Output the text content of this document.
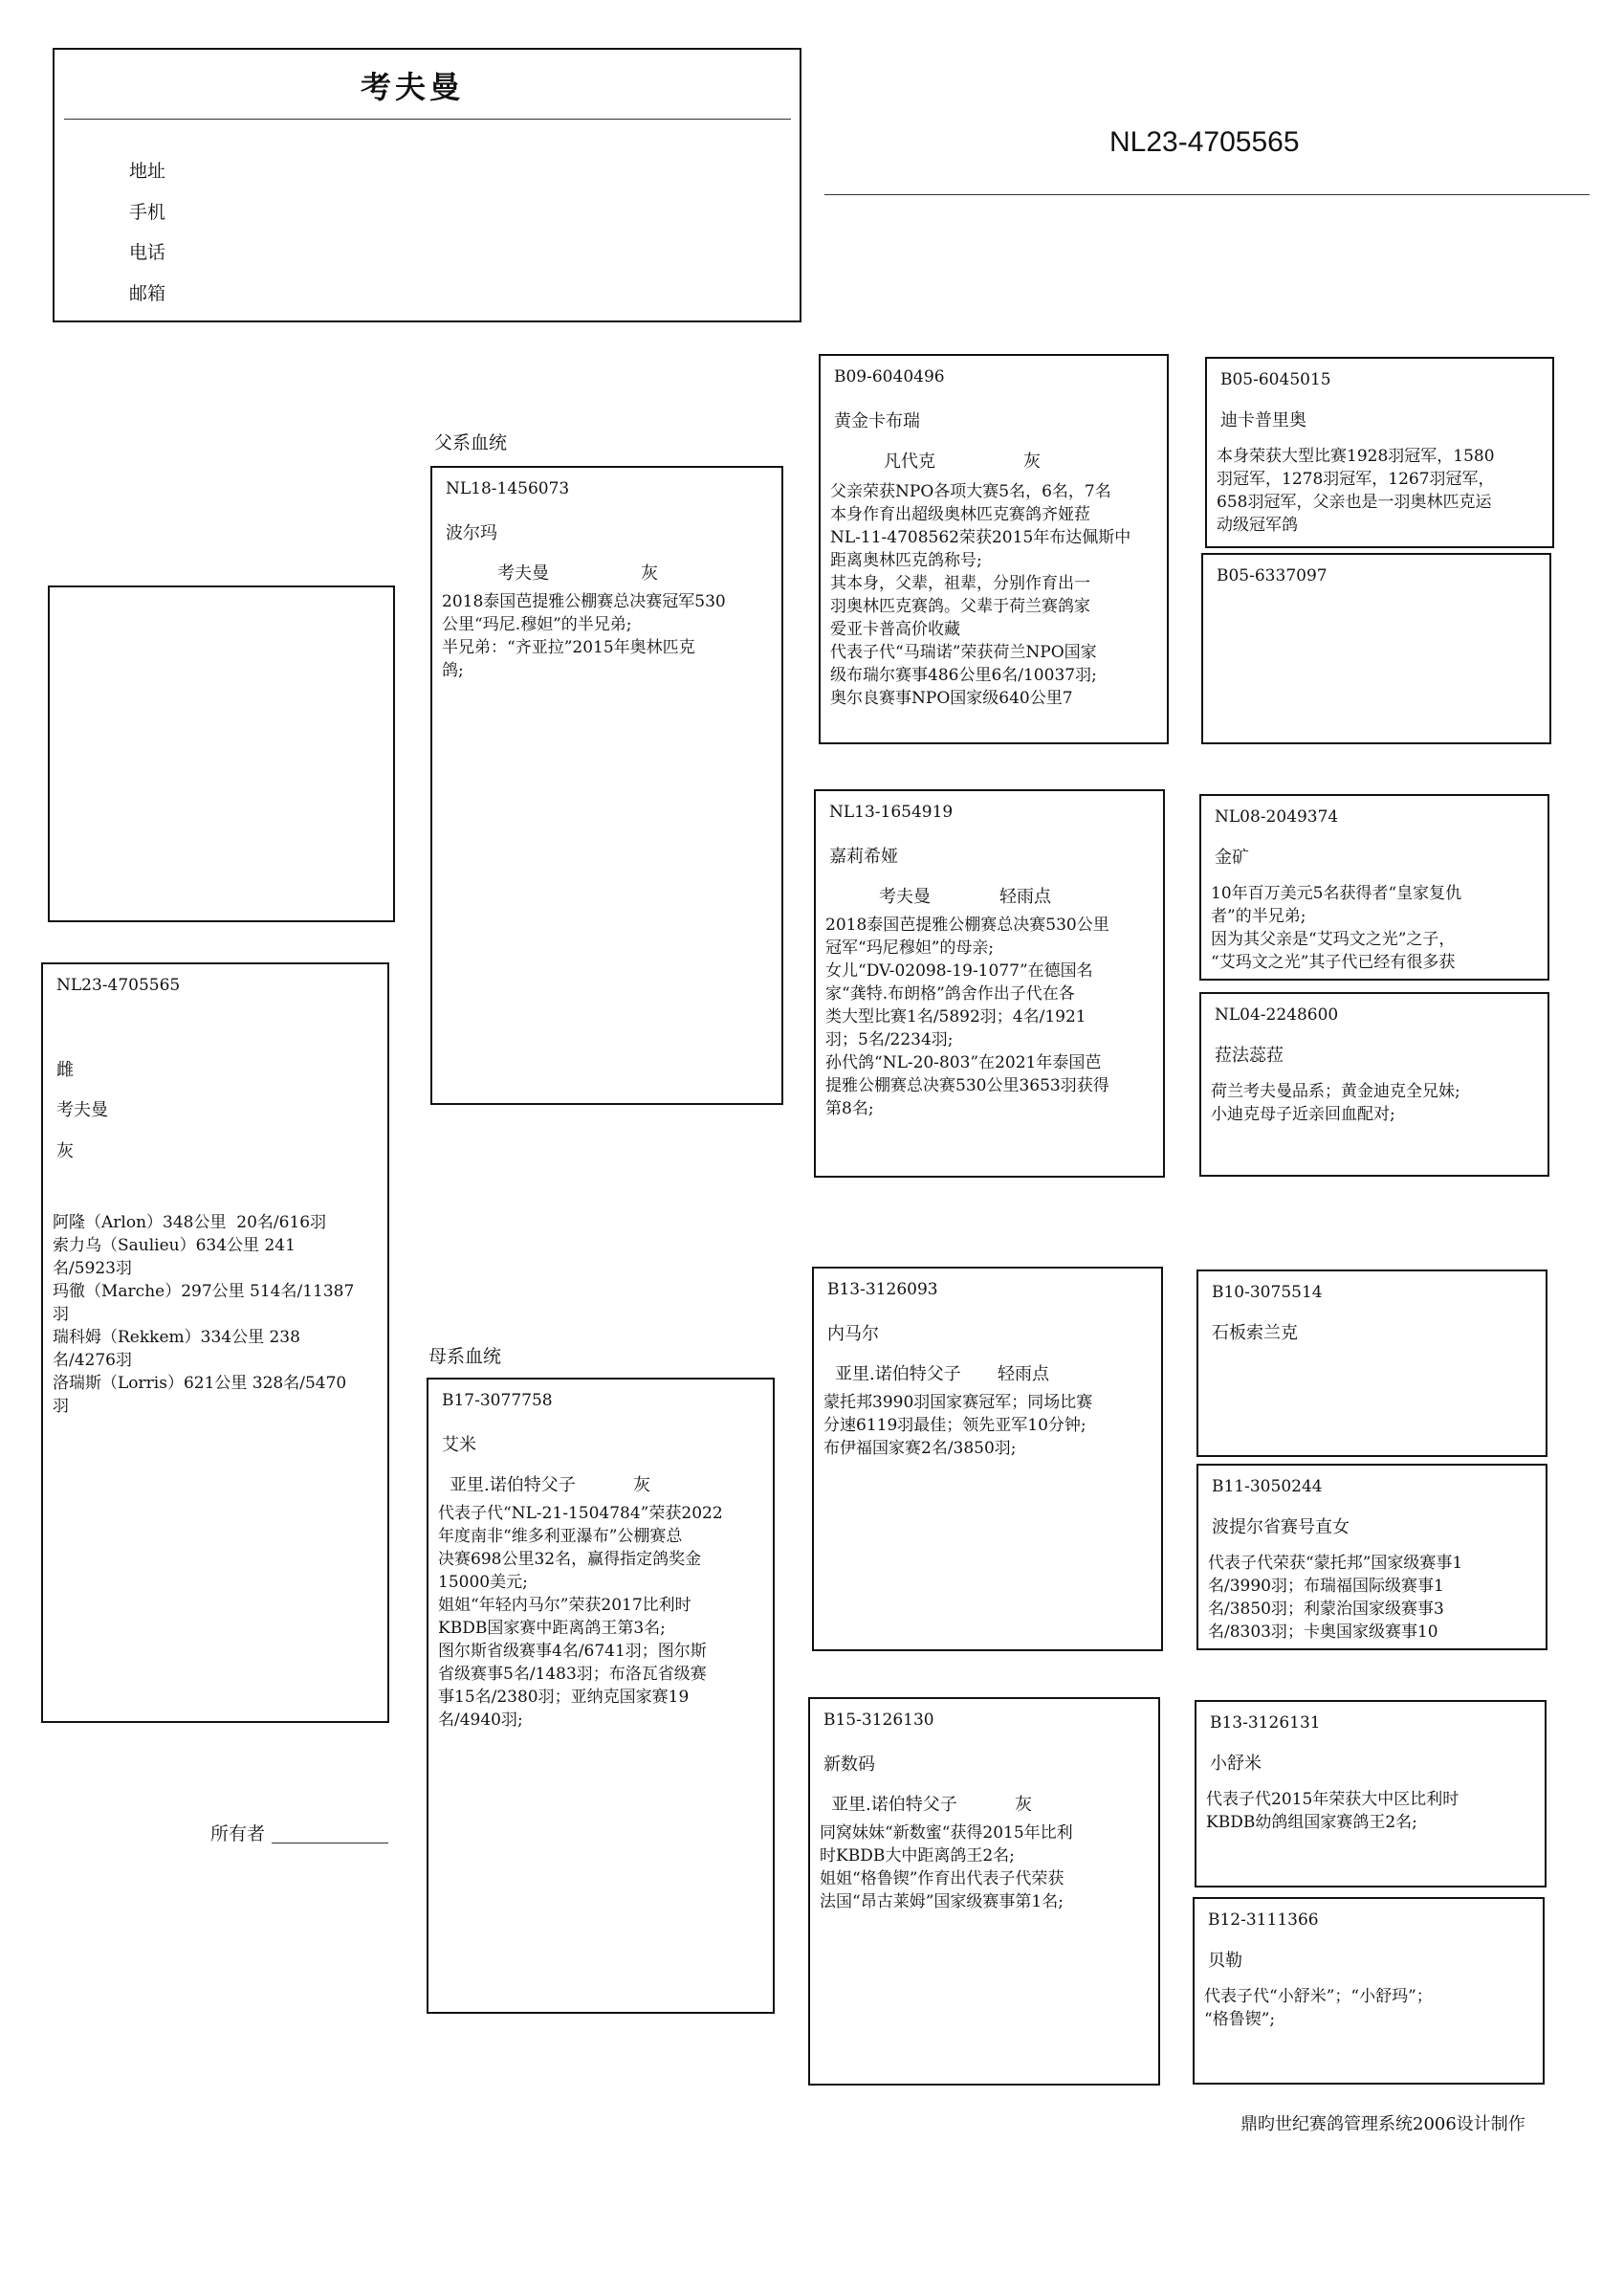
考夫曼
地址
手机
电话
邮箱
NL23-4705565
NL23-4705565
雌
考夫曼
灰
阿隆（Arlon）348公里  20名/616羽
索力乌（Saulieu）634公里 241
名/5923羽
玛徹（Marche）297公里 514名/11387
羽
瑞科姆（Rekkem）334公里 238
名/4276羽
洛瑞斯（Lorris）621公里 328名/5470
羽
父系血统
母系血统
NL18-1456073
波尔玛
考夫曼	灰
2018泰国芭提雅公棚赛总决赛冠军530
公里“玛尼.穆妲”的半兄弟;
半兄弟：“齐亚拉”2015年奥林匹克
鸽;
B17-3077758
艾米
亚里.诺伯特父子	灰
代表子代“NL-21-1504784”荣获2022
年度南非“维多利亚瀑布”公棚赛总
决赛698公里32名，赢得指定鸽奖金
15000美元;
姐姐“年轻内马尔”荣获2017比利时
KBDB国家赛中距离鸽王第3名;
图尔斯省级赛事4名/6741羽；图尔斯
省级赛事5名/1483羽；布洛瓦省级赛
事15名/2380羽；亚纳克国家赛19
名/4940羽;
B09-6040496
黄金卡布瑞
凡代克	灰
父亲荣获NPO各项大赛5名，6名，7名
本身作育出超级奥林匹克赛鸽齐娅菈
NL-11-4708562荣获2015年布达佩斯中
距离奥林匹克鸽称号;
其本身，父辈，祖辈，分别作育出一
羽奥林匹克赛鸽。父辈于荷兰赛鸽家
爱亚卡普高价收藏
代表子代“马瑞诺”荣获荷兰NPO国家
级布瑞尔赛事486公里6名/10037羽;
奥尔良赛事NPO国家级640公里7
NL13-1654919
嘉莉希娅
考夫曼	轻雨点
2018泰国芭提雅公棚赛总决赛530公里
冠军“玛尼穆妲”的母亲;
女儿“DV-02098-19-1077”在德国名
家“龚特.布朗格”鸽舍作出子代在各
类大型比赛1名/5892羽；4名/1921
羽；5名/2234羽;
孙代鸽“NL-20-803”在2021年泰国芭
提雅公棚赛总决赛530公里3653羽获得
第8名;
B13-3126093
内马尔
亚里.诺伯特父子 轻雨点
蒙托邦3990羽国家赛冠军；同场比赛
分速6119羽最佳；领先亚军10分钟;
布伊福国家赛2名/3850羽;
B15-3126130
新数码
亚里.诺伯特父子	灰
同窝妹妹“新数蜜“获得2015年比利
时KBDB大中距离鸽王2名;
姐姐“格鲁锲”作育出代表子代荣获
法国“昂古莱姆”国家级赛事第1名;
B05-6045015
迪卡普里奥
本身荣获大型比赛1928羽冠军，1580
羽冠军，1278羽冠军，1267羽冠军，
658羽冠军，父亲也是一羽奥林匹克运
动级冠军鸽
B05-6337097
NL08-2049374
金矿
10年百万美元5名获得者“皇家复仇
者”的半兄弟;
因为其父亲是“艾玛文之光”之子，
“艾玛文之光”其子代已经有很多获
NL04-2248600
菈法蕊菈
荷兰考夫曼品系；黄金迪克全兄妹;
小迪克母子近亲回血配对;
B10-3075514
石板索兰克
B11-3050244
波提尔省赛号直女
代表子代荣获“蒙托邦”国家级赛事1
名/3990羽；布瑞福国际级赛事1
名/3850羽；利蒙治国家级赛事3
名/8303羽；卡奥国家级赛事10
B13-3126131
小舒米
代表子代2015年荣获大中区比利时
KBDB幼鸽组国家赛鸽王2名;
B12-3111366
贝勒
代表子代“小舒米”；“小舒玛”；
“格鲁锲”;
所有者
鼎昀世纪赛鸽管理系统2006设计制作
